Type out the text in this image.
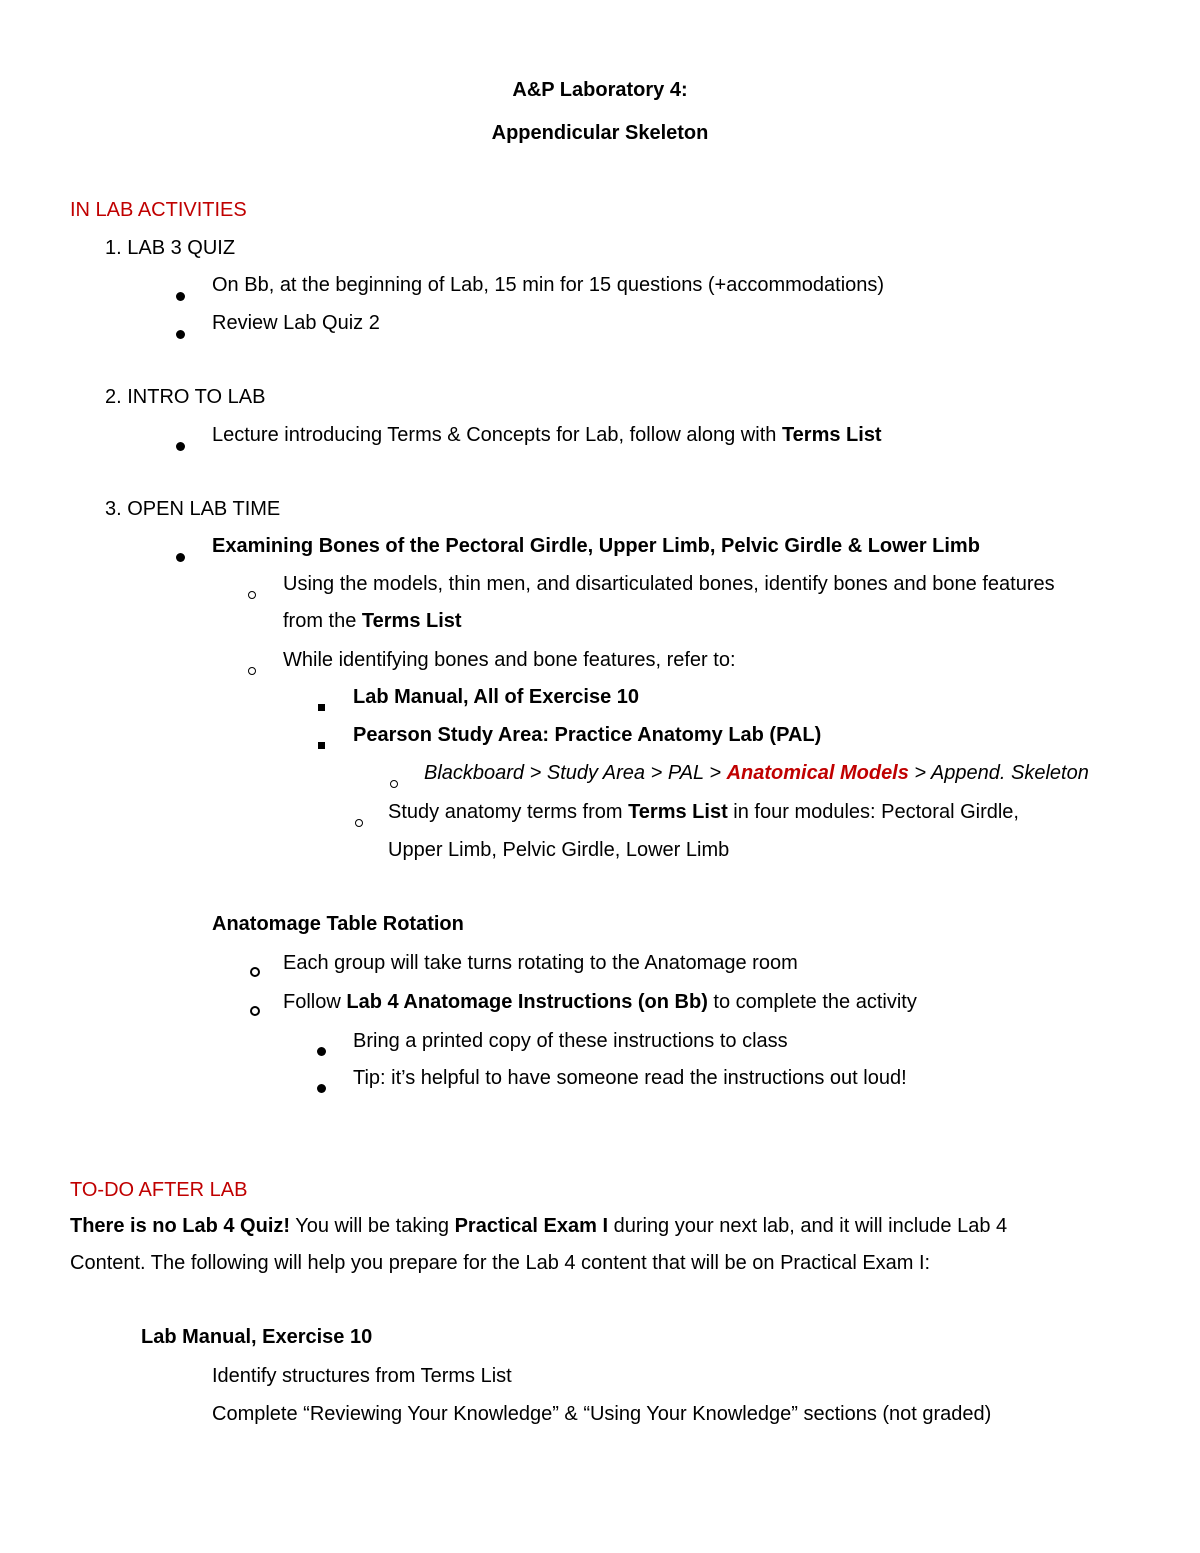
A&P Laboratory 4:
Appendicular Skeleton
IN LAB ACTIVITIES
1. LAB 3 QUIZ
On Bb, at the beginning of Lab, 15 min for 15 questions (+accommodations)
Review Lab Quiz 2
2. INTRO TO LAB
Lecture introducing Terms & Concepts for Lab, follow along with Terms List
3. OPEN LAB TIME
Examining Bones of the Pectoral Girdle, Upper Limb, Pelvic Girdle & Lower Limb
Using the models, thin men, and disarticulated bones, identify bones and bone features
from the Terms List
While identifying bones and bone features, refer to:
Lab Manual, All of Exercise 10
Pearson Study Area: Practice Anatomy Lab (PAL)
Blackboard > Study Area > PAL > Anatomical Models > Append. Skeleton
Study anatomy terms from Terms List in four modules: Pectoral Girdle,
Upper Limb, Pelvic Girdle, Lower Limb
Anatomage Table Rotation
Each group will take turns rotating to the Anatomage room
Follow Lab 4 Anatomage Instructions (on Bb) to complete the activity
Bring a printed copy of these instructions to class
Tip: it’s helpful to have someone read the instructions out loud!
TO-DO AFTER LAB
There is no Lab 4 Quiz! You will be taking Practical Exam I during your next lab, and it will include Lab 4
Content. The following will help you prepare for the Lab 4 content that will be on Practical Exam I:
Lab Manual, Exercise 10
Identify structures from Terms List
Complete “Reviewing Your Knowledge” & “Using Your Knowledge” sections (not graded)
